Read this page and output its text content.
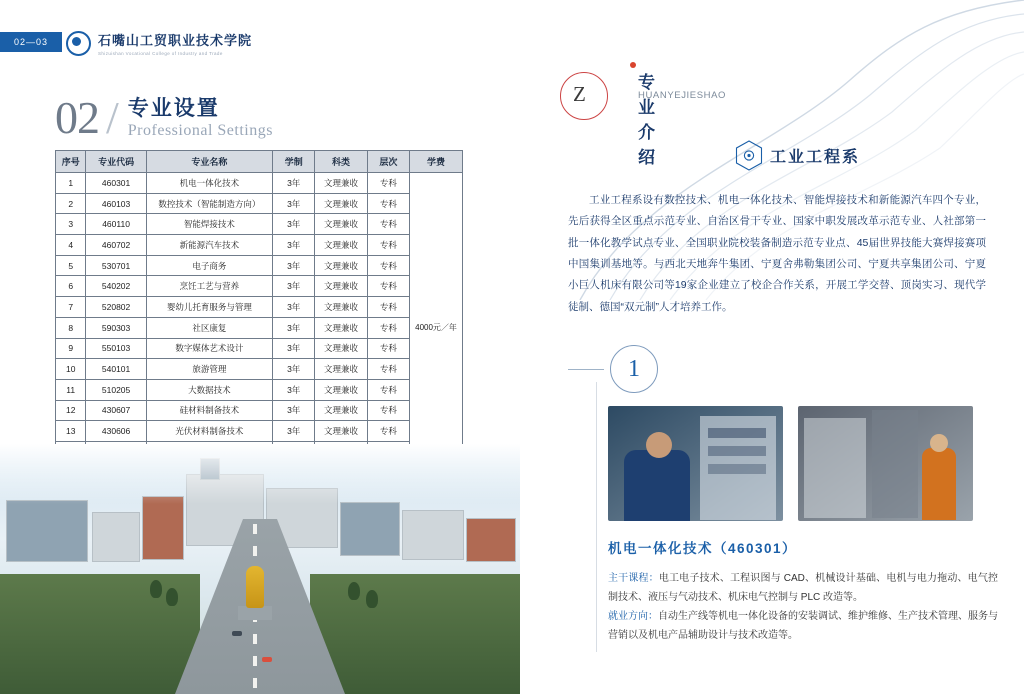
02—03	石嘴山工贸职业技术学院
Shizuishan Vocational College of Industry and Trade
02 / 专业设置
Professional Settings
序号	专业代码	专业名称	学制	科类	层次	学费
1	460301	机电一体化技术	3年	文理兼收	专科	4000元／年
2	460103	数控技术（智能制造方向）	3年	文理兼收	专科	
3	460110	智能焊接技术	3年	文理兼收	专科	
4	460702	新能源汽车技术	3年	文理兼收	专科	
5	530701	电子商务	3年	文理兼收	专科	
6	540202	烹饪工艺与营养	3年	文理兼收	专科	
7	520802	婴幼儿托育服务与管理	3年	文理兼收	专科	
8	590303	社区康复	3年	文理兼收	专科	
9	550103	数字媒体艺术设计	3年	文理兼收	专科	
10	540101	旅游管理	3年	文理兼收	专科	
11	510205	大数据技术	3年	文理兼收	专科	
12	430607	硅材料制备技术	3年	文理兼收	专科	
13	430606	光伏材料制备技术	3年	文理兼收	专科	

Z	专业介绍
HUANYEJIESHAO
工业工程系
工业工程系设有数控技术、机电一体化技术、智能焊接技术和新能源汽车四个专业，先后获得全区重点示范专业、自治区骨干专业、国家中职发展改革示范专业、人社部第一批一体化教学试点专业、全国职业院校装备制造示范专业点、45届世界技能大赛焊接赛项中国集训基地等。与西北天地奔牛集团、宁夏舍弗勒集团公司、宁夏共享集团公司、宁夏小巨人机床有限公司等19家企业建立了校企合作关系，开展工学交替、顶岗实习、现代学徒制、德国“双元制”人才培养工作。
1
机电一体化技术（460301）
主干课程：电工电子技术、工程识图与 CAD、机械设计基础、电机与电力拖动、电气控制技术、液压与气动技术、机床电气控制与 PLC 改造等。
就业方向：自动生产线等机电一体化设备的安装调试、维护维修、生产技术管理、服务与营销以及机电产品辅助设计与技术改造等。
